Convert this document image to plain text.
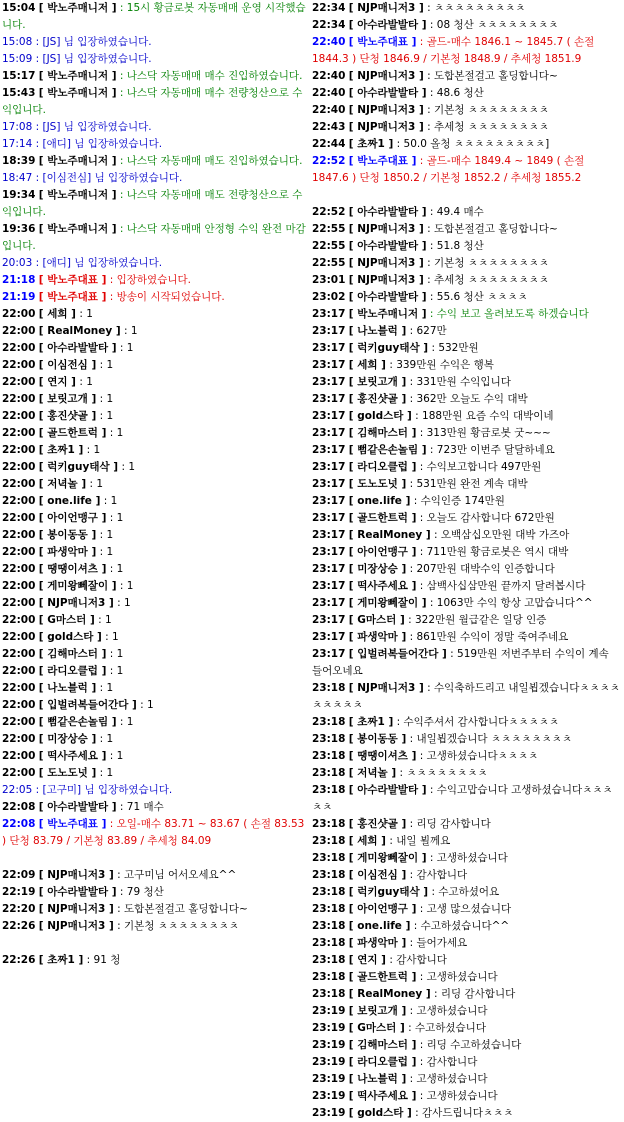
15:04 [ 박노주매니저 ] : 15시 황금로봇 자동매매 운영 시작했습니다.
15:08 : [JS] 님 입장하였습니다.
15:09 : [JS] 님 입장하였습니다.
15:17 [ 박노주매니저 ] : 나스닥 자동매매 매수 진입하였습니다.
15:43 [ 박노주매니저 ] : 나스닥 자동매매 매수 전량청산으로 수익입니다.
17:08 : [JS] 님 입장하였습니다.
17:14 : [애디] 님 입장하였습니다.
18:39 [ 박노주매니저 ] : 나스닥 자동매매 매도 진입하였습니다.
18:47 : [이심전심] 님 입장하였습니다.
19:34 [ 박노주매니저 ] : 나스닥 자동매매 매도 전량청산으로 수익입니다.
19:36 [ 박노주매니저 ] : 나스닥 자동매매 안정형 수익 완전 마감입니다.
20:03 : [애디] 님 입장하였습니다.
21:18 [ 박노주대표 ] : 입장하였습니다.
21:19 [ 박노주대표 ] : 방송이 시작되었습니다.
22:00 [ 세희 ] : 1
22:00 [ RealMoney ] : 1
22:00 [ 아수라발발타 ] : 1
22:00 [ 이심전심 ] : 1
22:00 [ 연지 ] : 1
22:00 [ 보릿고개 ] : 1
22:00 [ 홍진샷골 ] : 1
22:00 [ 골드한트럭 ] : 1
22:00 [ 초짜1 ] : 1
22:00 [ 럭키guy태삭 ] : 1
22:00 [ 저녁놀 ] : 1
22:00 [ one.life ] : 1
22:00 [ 아이언맹구 ] : 1
22:00 [ 봉이동동 ] : 1
22:00 [ 파생악마 ] : 1
22:00 [ 땡땡이셔츠 ] : 1
22:00 [ 게미왕뻬잘이 ] : 1
22:00 [ NJP매니저3 ] : 1
22:00 [ G마스터 ] : 1
22:00 [ gold스타 ] : 1
22:00 [ 김해마스터 ] : 1
22:00 [ 라디오클럽 ] : 1
22:00 [ 나노블럭 ] : 1
22:00 [ 입벌려복들어간다 ] : 1
22:00 [ 뻠같은손놀림 ] : 1
22:00 [ 미장상승 ] : 1
22:00 [ 떡사주세요 ] : 1
22:00 [ 도노도넛 ] : 1
22:05 : [고구미] 님 입장하였습니다.
22:08 [ 아수라발발타 ] : 71 매수
22:08 [ 박노주대표 ] : 오일-매수 83.71 ~ 83.67 ( 손절 83.53 ) 단청 83.79 / 기본청 83.89 / 추세청 84.09
22:09 [ NJP매니저3 ] : 고구미님 어서오세요^^
22:19 [ 아수라발발타 ] : 79 청산
22:20 [ NJP매니저3 ] : 도합본절걸고 홀딩합니다~
22:26 [ NJP매니저3 ] : 기본청 ㅊㅊㅊㅊㅊㅊㅊㅊ
22:26 [ 초짜1 ] : 91 청
22:34 [ NJP매니저3 ] : ㅊㅊㅊㅊㅊㅊㅊㅊㅊ
22:34 [ 아수라발발타 ] : 08 청산 ㅊㅊㅊㅊㅊㅊㅊㅊ
22:40 [ 박노주대표 ] : 골드-매수 1846.1 ~ 1845.7 ( 손절 1844.3 ) 단청 1846.9 / 기본청 1848.9 / 추세청 1851.9
22:40 [ NJP매니저3 ] : 도합본절걸고 홀딩합니다~
22:40 [ 아수라발발타 ] : 48.6 청산
22:40 [ NJP매니저3 ] : 기본청 ㅊㅊㅊㅊㅊㅊㅊㅊ
22:43 [ NJP매니저3 ] : 추세청 ㅊㅊㅊㅊㅊㅊㅊㅊ
22:44 [ 초짜1 ] : 50.0 올청 ㅊㅊㅊㅊㅊㅊㅊㅊㅊ]
22:52 [ 박노주대표 ] : 골드-매수 1849.4 ~ 1849 ( 손절 1847.6 ) 단청 1850.2 / 기본청 1852.2 / 추세청 1855.2
22:52 [ 아수라발발타 ] : 49.4 매수
22:55 [ NJP매니저3 ] : 도합본절걸고 홀딩합니다~
22:55 [ 아수라발발타 ] : 51.8 청산
22:55 [ NJP매니저3 ] : 기본청 ㅊㅊㅊㅊㅊㅊㅊㅊ
23:01 [ NJP매니저3 ] : 추세청 ㅊㅊㅊㅊㅊㅊㅊㅊ
23:02 [ 아수라발발타 ] : 55.6 청산 ㅊㅊㅊㅊ
23:17 [ 박노주매니저 ] : 수익 보고 올려보도록 하겠습니다
23:17 [ 나노블럭 ] : 627만
23:17 [ 럭키guy태삭 ] : 532만원
23:17 [ 세희 ] : 339만원 수익은 행복
23:17 [ 보릿고개 ] : 331만원 수익입니다
23:17 [ 홍진샷골 ] : 362만 오늘도 수익 대박
23:17 [ gold스타 ] : 188만원 요즘 수익 대박이네
23:17 [ 김해마스터 ] : 313만원 황금로봇 굿~~~
23:17 [ 뻠같은손놀림 ] : 723만 이번주 달달하네요
23:17 [ 라디오클럽 ] : 수익보고합니다 497만원
23:17 [ 도노도넛 ] : 531만원 완전 계속 대박
23:17 [ one.life ] : 수익인증 174만원
23:17 [ 골드한트럭 ] : 오늘도 감사합니다 672만원
23:17 [ RealMoney ] : 오백삼십오만원 대박 가즈아
23:17 [ 아이언맹구 ] : 711만원 황금로봇은 역시 대박
23:17 [ 미장상승 ] : 207만원 대박수익 인증합니다
23:17 [ 떡사주세요 ] : 삼백사십삼만원 끝까지 달려봅시다
23:17 [ 게미왕뻬잘이 ] : 1063만 수익 항상 고맙습니다^^
23:17 [ G마스터 ] : 322만원 월급같은 일당 인증
23:17 [ 파생악마 ] : 861만원 수익이 정말 죽여주네요
23:17 [ 입벌려복들어간다 ] : 519만원 저번주부터 수익이 계속 들어오네요
23:18 [ NJP매니저3 ] : 수익축하드리고 내일뵙겠습니다ㅊㅊㅊㅊㅊㅊㅊㅊㅊ
23:18 [ 초짜1 ] : 수익주셔서 감사합니다ㅊㅊㅊㅊㅊ
23:18 [ 봉이동동 ] : 내일뵙겠습니다 ㅊㅊㅊㅊㅊㅊㅊㅊ
23:18 [ 땡땡이셔츠 ] : 고생하셨습니다ㅊㅊㅊㅊ
23:18 [ 저녁놀 ] : ㅊㅊㅊㅊㅊㅊㅊㅊ
23:18 [ 아수라발발타 ] : 수익고맙습니다 고생하셨습니다ㅊㅊㅊㅊㅊ
23:18 [ 홍진샷골 ] : 리딩 감사합니다
23:18 [ 세희 ] : 내일 뵐께요
23:18 [ 게미왕뻬잘이 ] : 고생하셨습니다
23:18 [ 이심전심 ] : 감사합니다
23:18 [ 럭키guy태삭 ] : 수고하셨어요
23:18 [ 아이언맹구 ] : 고생 많으셨습니다
23:18 [ one.life ] : 수고하셨습니다^^
23:18 [ 파생악마 ] : 들어가세요
23:18 [ 연지 ] : 감사합니다
23:18 [ 골드한트럭 ] : 고생하셨습니다
23:18 [ RealMoney ] : 리딩 감사합니다
23:19 [ 보릿고개 ] : 고생하셨습니다
23:19 [ G마스터 ] : 수고하셨습니다
23:19 [ 김해마스터 ] : 리딩 수고하셨습니다
23:19 [ 라디오클럽 ] : 감사합니다
23:19 [ 나노블럭 ] : 고생하셨습니다
23:19 [ 떡사주세요 ] : 고생하셨습니다
23:19 [ gold스타 ] : 감사드립니다ㅊㅊㅊ
